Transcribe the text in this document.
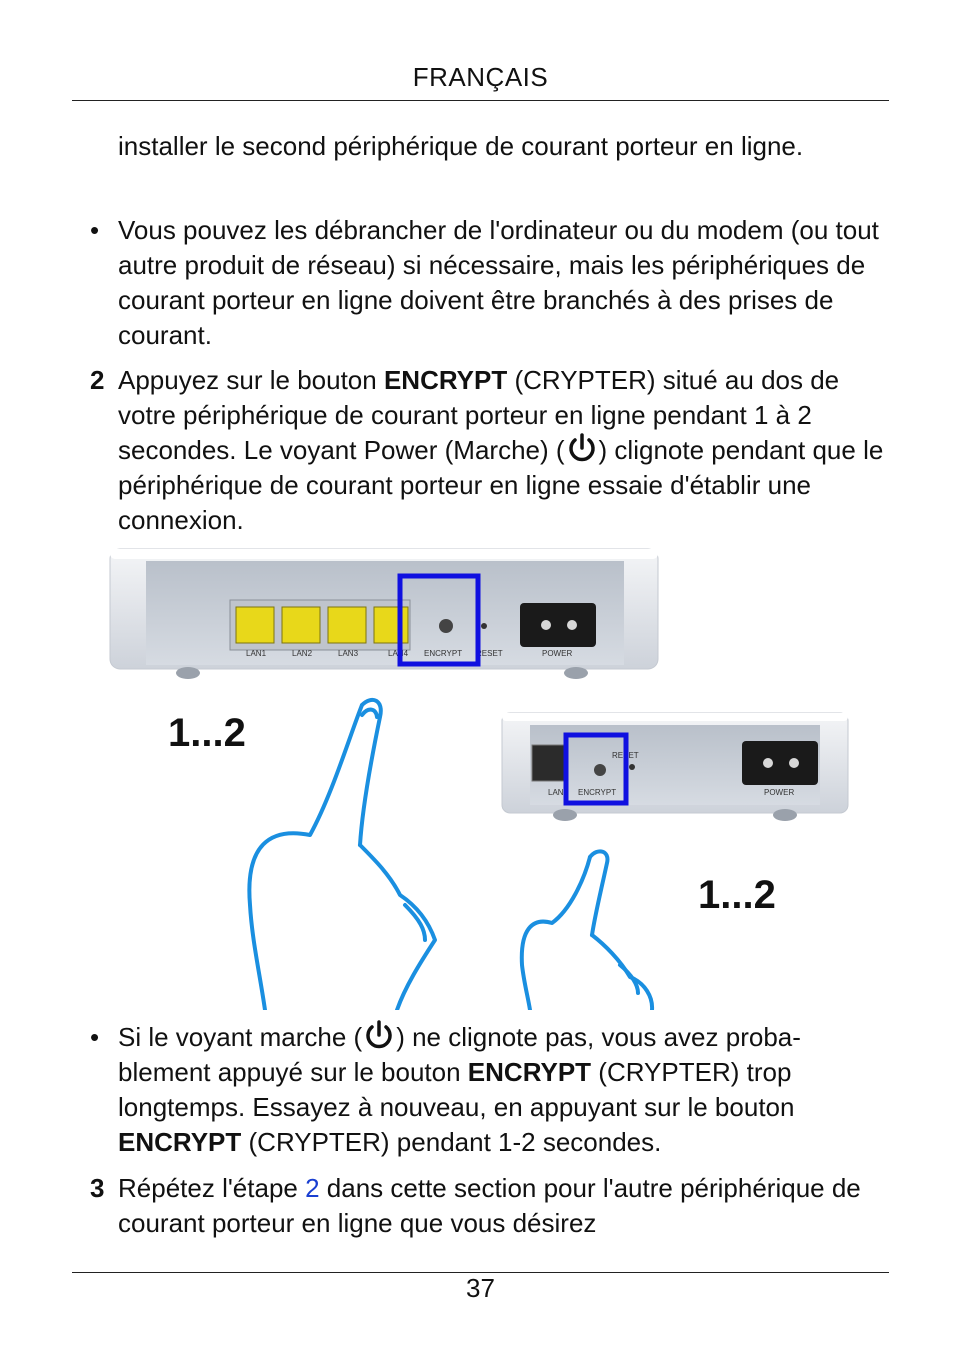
FRANÇAIS
installer le second périphérique de courant porteur en ligne.
• Vous pouvez les débrancher de l'ordinateur ou du modem (ou tout autre produit de réseau) si nécessaire, mais les périphériques de courant porteur en ligne doivent être branchés à des prises de courant.
2 Appuyez sur le bouton ENCRYPT (CRYPTER) situé au dos de votre périphérique de courant porteur en ligne pendant 1 à 2 secondes. Le voyant Power (Marche) ( ) clignote pendant que le périphérique de courant porteur en ligne essaie d'établir une connexion.
LAN1	LAN2	LAN3	LAN4 ENCRYPT RESET	POWER
LAN ENCRYPT
RESET
POWER
1...2
1...2
• Si le voyant marche ( ) ne clignote pas, vous avez proba-blement appuyé sur le bouton ENCRYPT (CRYPTER) trop longtemps. Essayez à nouveau, en appuyant sur le bouton ENCRYPT (CRYPTER) pendant 1-2 secondes.
3 Répétez l'étape 2 dans cette section pour l'autre périphérique de courant porteur en ligne que vous désirez
37
